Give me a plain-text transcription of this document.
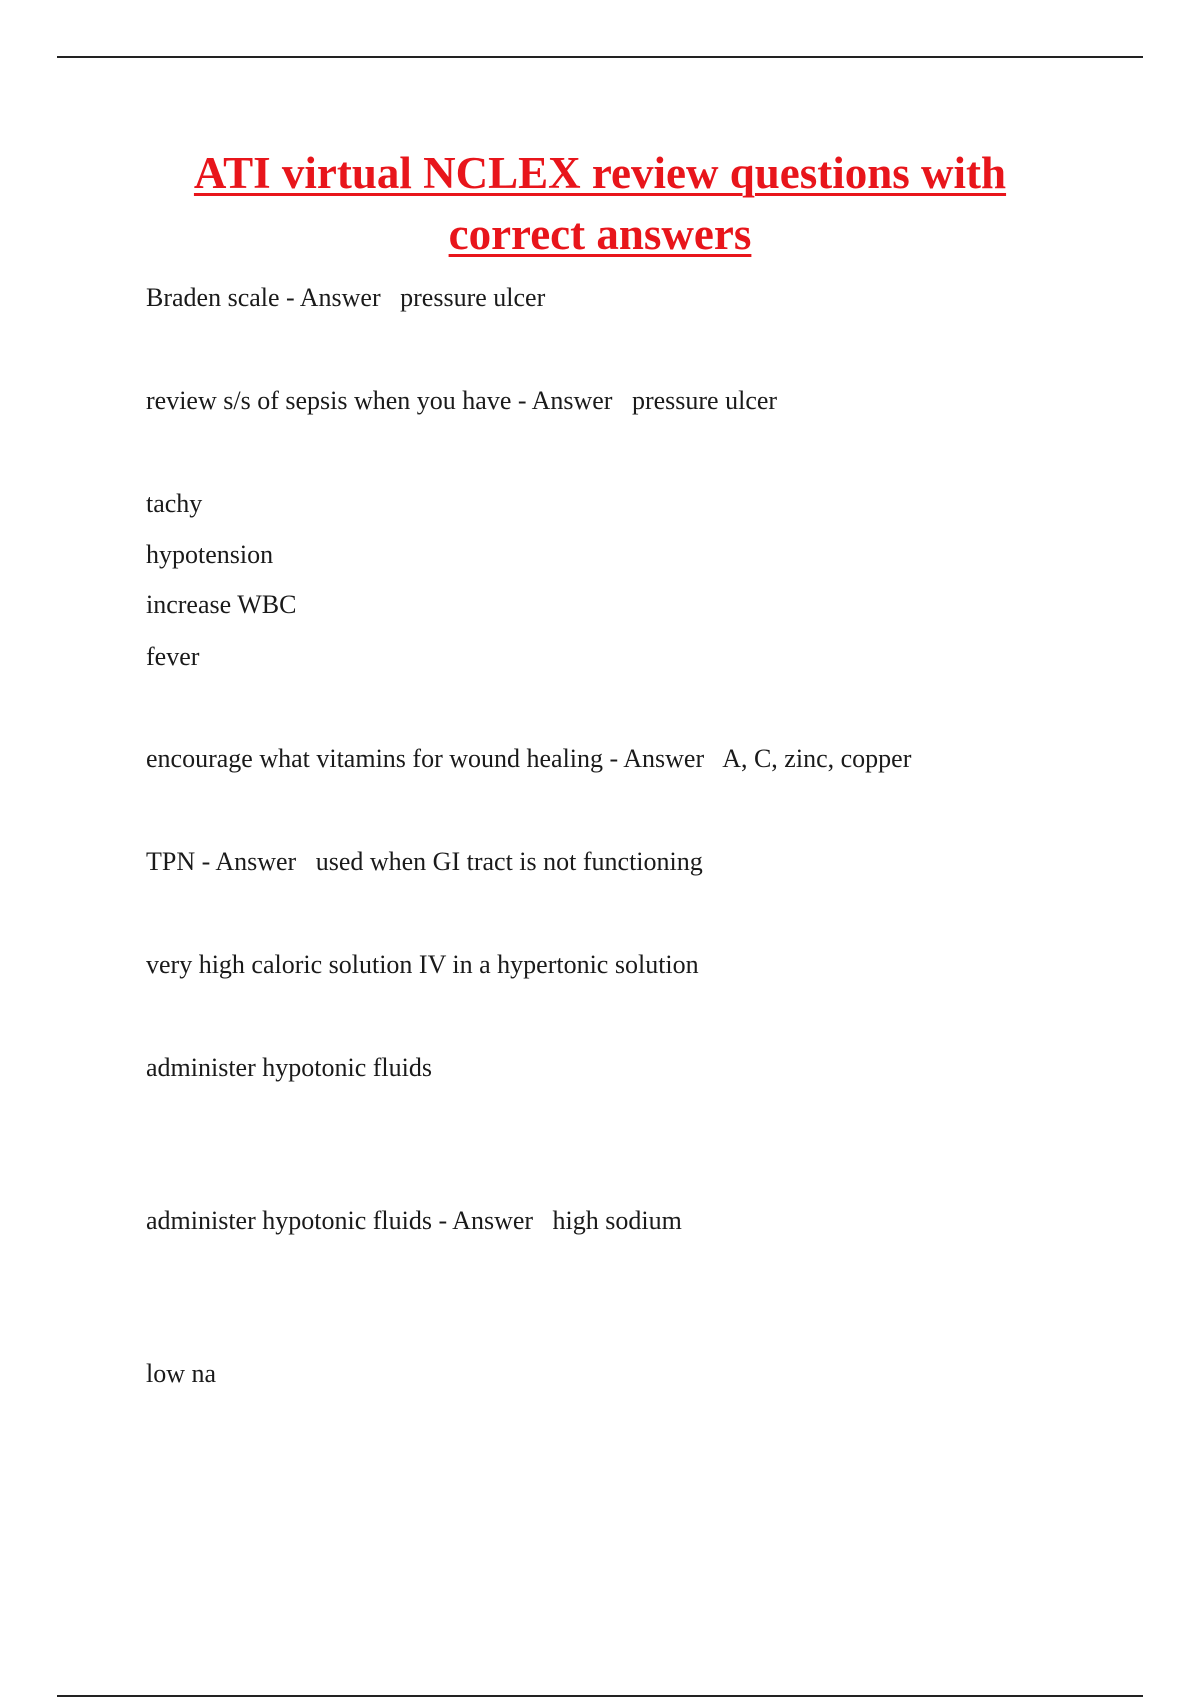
ATI virtual NCLEX review questions with
correct answers

Braden scale - Answer   pressure ulcer

review s/s of sepsis when you have - Answer   pressure ulcer

tachy

hypotension

increase WBC

fever

encourage what vitamins for wound healing - Answer   A, C, zinc, copper

TPN - Answer   used when GI tract is not functioning

very high caloric solution IV in a hypertonic solution

administer hypotonic fluids

administer hypotonic fluids - Answer   high sodium

low na
